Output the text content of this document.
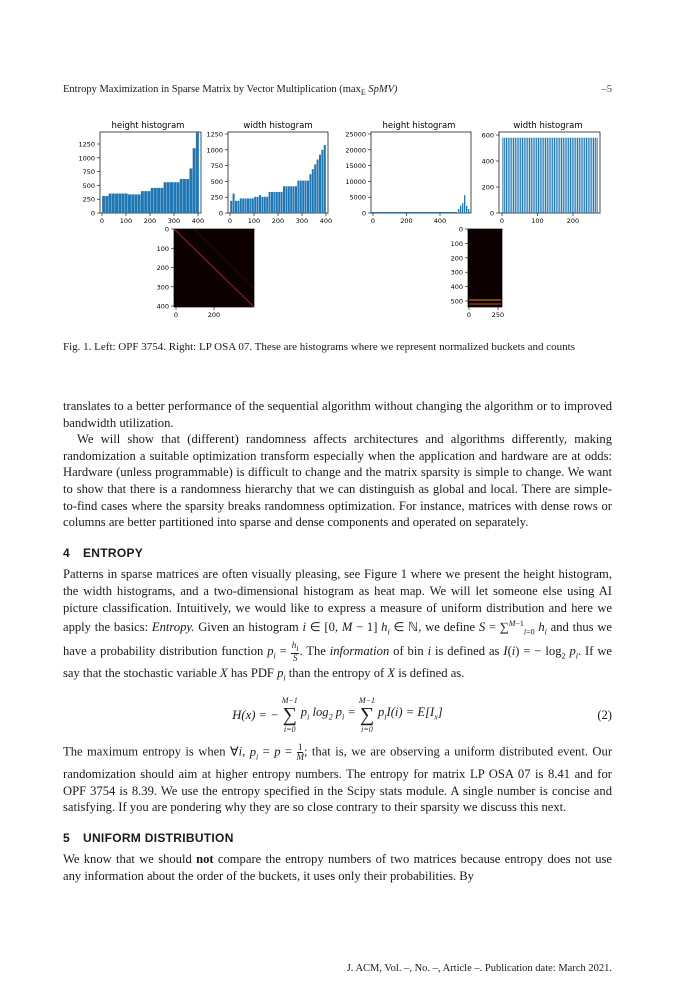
Entropy Maximization in Sparse Matrix by Vector Multiplication ($\max_E$ SpMV)	–5
height histogram
0
250
500
750
1000
1250
0 100 200 300 400
width histogram
0
250
500
750
1000
1250
0 100 200 300 400
height histogram
0
5000
10000
15000
20000
25000
0	200	400
width histogram
0
200
400
600
0	100	200
0
100
200
300
400
0	200
0
100
200
300
400
500
0	250
Fig. 1. Left: OPF 3754. Right: LP OSA 07. These are histograms where we represent normalized buckets and counts

translates to a better performance of the sequential algorithm without changing the algorithm or to improved bandwidth utilization.

We will show that (different) randomness affects architectures and algorithms differently, making randomization a suitable optimization transform especially when the application and hardware are at odds: Hardware (unless programmable) is difficult to change and the matrix sparsity is simple to change. We want to show that there is a randomness hierarchy that we can distinguish as global and local. There are simple-to-find cases where the sparsity breaks randomness optimization. For instance, matrices with dense rows or columns are better partitioned into sparse and dense components and operated on separately.

4 ENTROPY

Patterns in sparse matrices are often visually pleasing, see Figure 1 where we present the height histogram, the width histograms, and a two-dimensional histogram as heat map. We will let someone else using AI picture classification. Intuitively, we would like to express a measure of uniform distribution and here we apply the basics: Entropy. Given an histogram i ∈ [0, M − 1] $h_i$ ∈ ℕ, we define S = ∑$^{M-1}_{i=0}$ $h_i$ and thus we have a probability distribution function $p_i = \frac{h_i}{S}$ . The information of bin i is defined as I(i) = − $\log_2 p_i$. If we say that the stochastic variable X has PDF $p_i$ than the entropy of X is defined as.

H(x) = −
M−1
∑
i=0
$p_i$ $\log_2 p_i$ =
M−1
∑
i=0
$p_iI(i) = E[I_x]$	(2)

The maximum entropy is when ∀i, $p_i = p = \frac{1}{M}$ ; that is, we are observing a uniform distributed event. Our randomization should aim at higher entropy numbers. The entropy for matrix LP OSA 07 is 8.41 and for OPF 3754 is 8.39. We use the entropy specified in the Scipy stats module. A single number is concise and satisfying. If you are pondering why they are so close contrary to their sparsity we discuss this next.

5 UNIFORM DISTRIBUTION

We know that we should not compare the entropy numbers of two matrices because entropy does not use any information about the order of the buckets, it uses only their probabilities. By

J. ACM, Vol. –, No. –, Article –. Publication date: March 2021.
